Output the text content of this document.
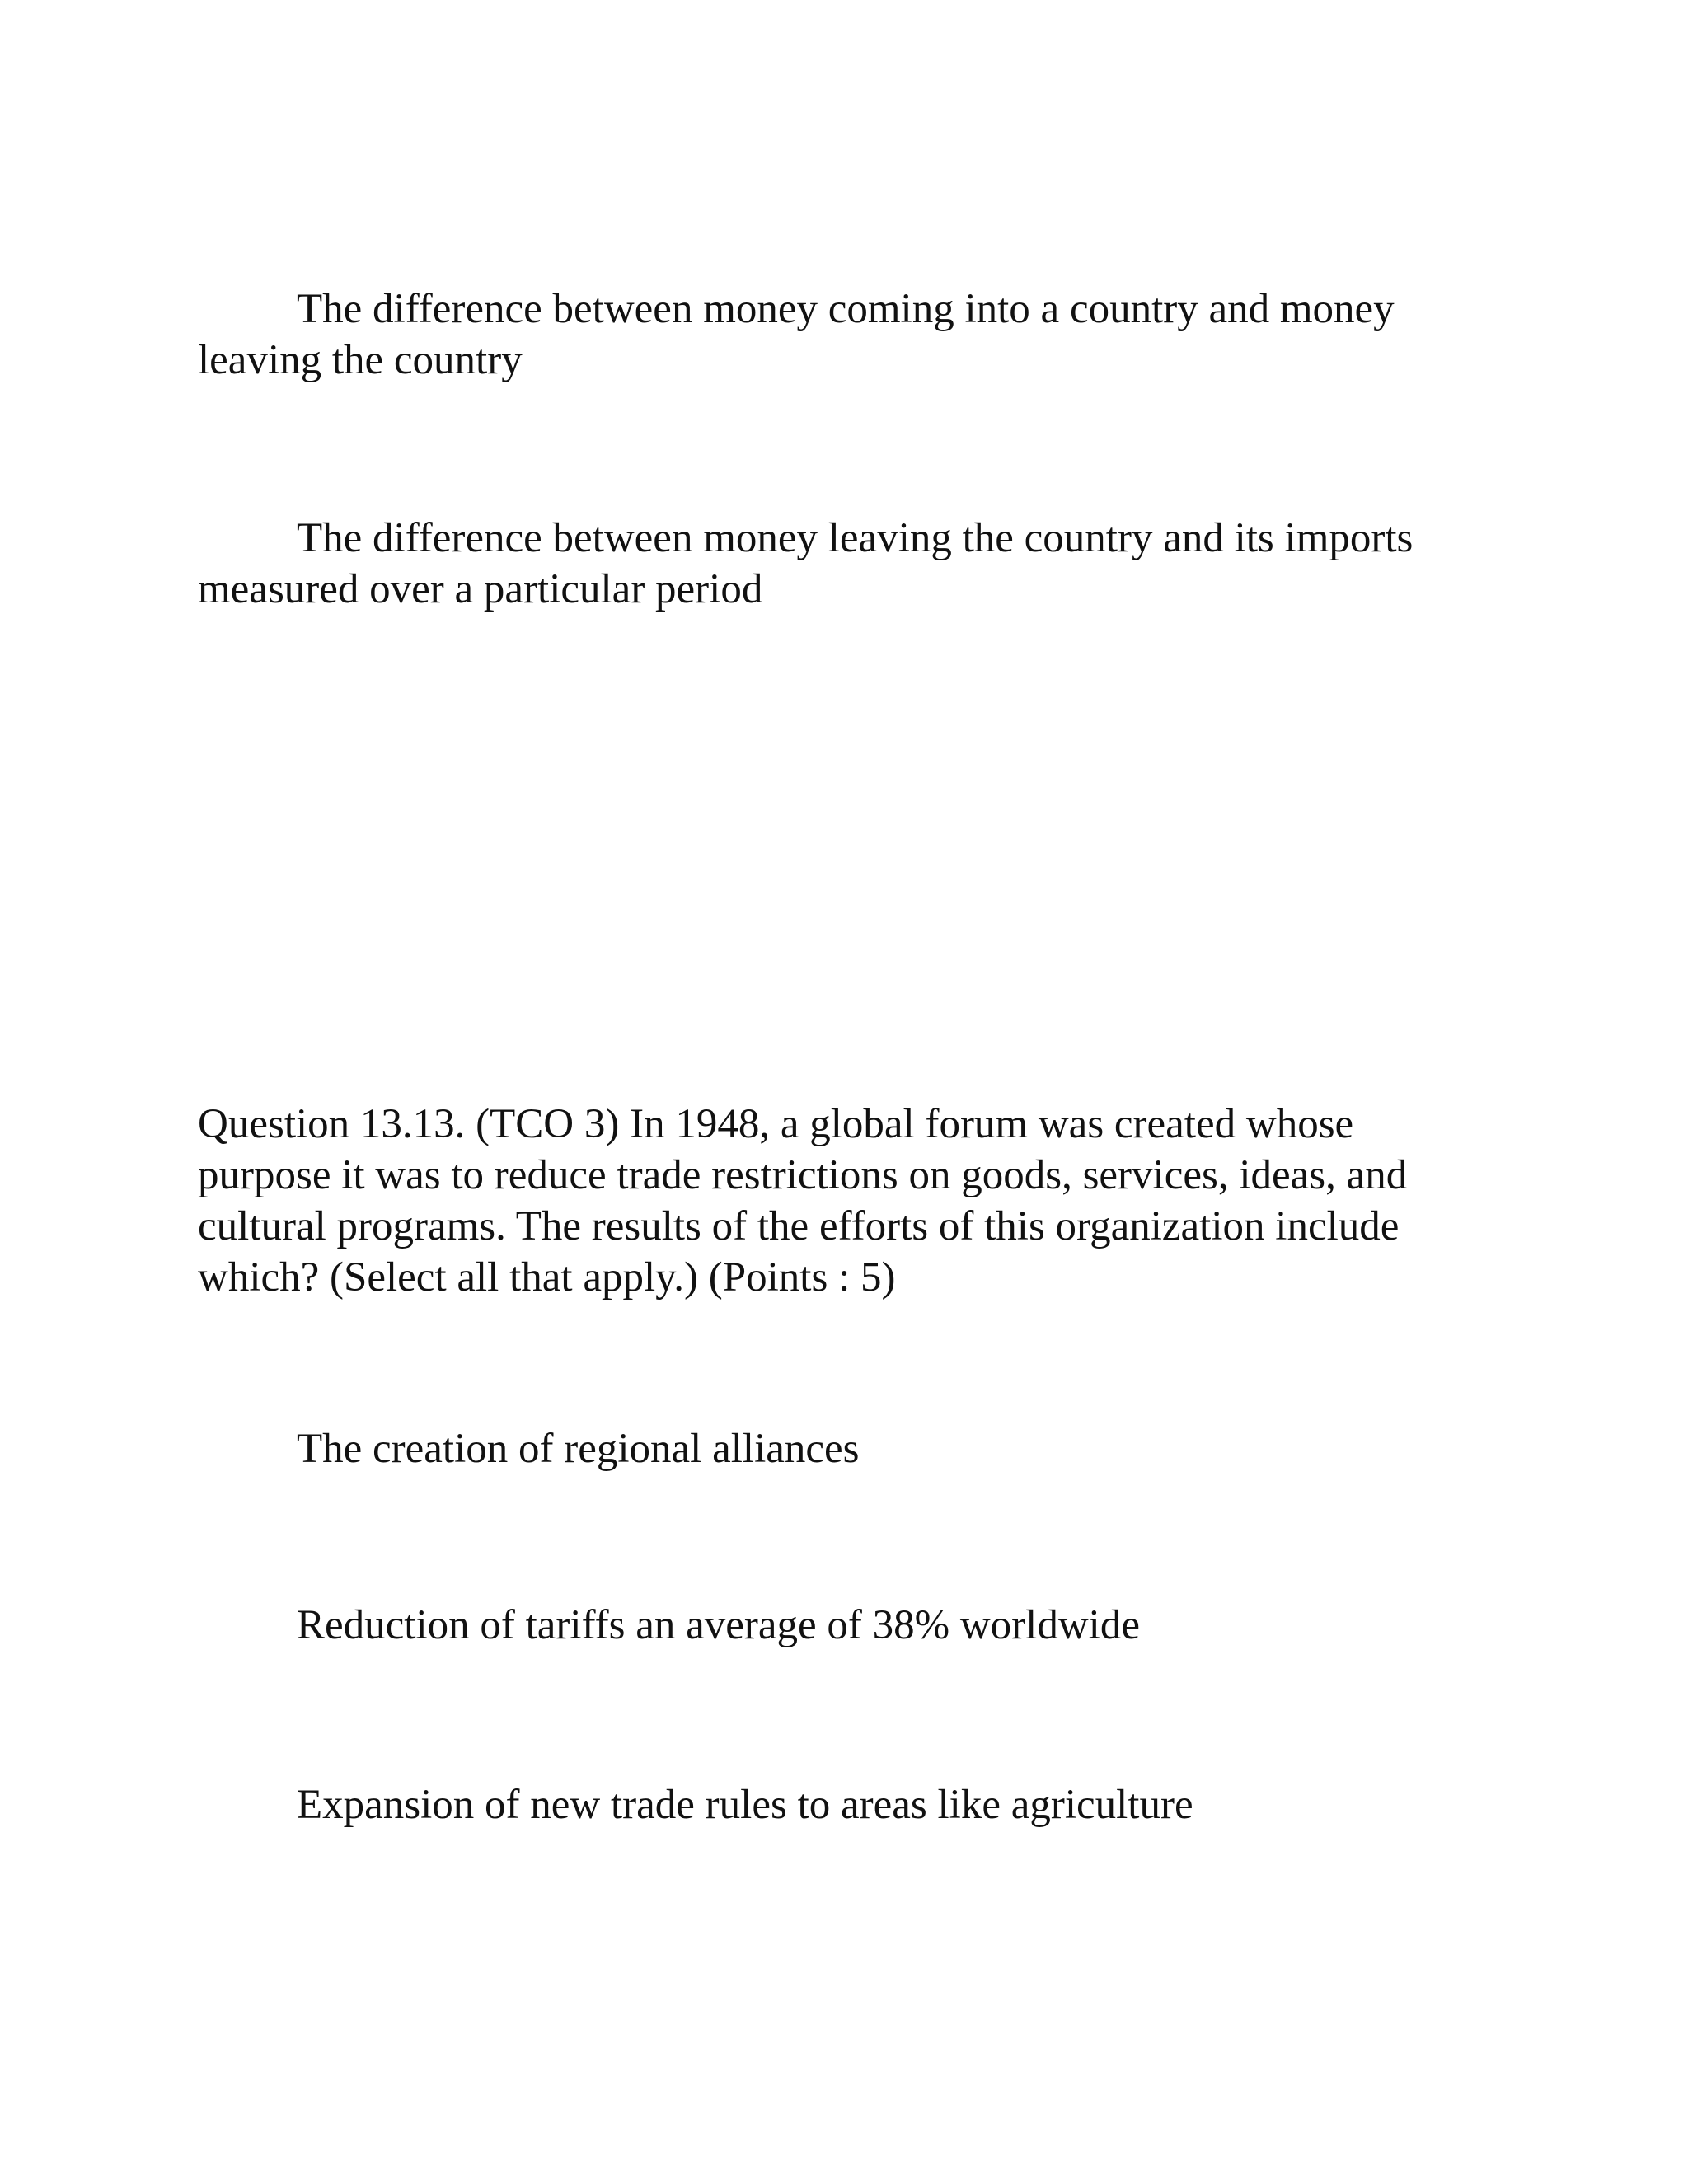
The difference between money coming into a country and money leaving the country

The difference between money leaving the country and its imports measured over a particular period

Question 13.13. (TCO 3) In 1948, a global forum was created whose purpose it was to reduce trade restrictions on goods, services, ideas, and cultural programs. The results of the efforts of this organization include which? (Select all that apply.) (Points : 5)

The creation of regional alliances

Reduction of tariffs an average of 38% worldwide

Expansion of new trade rules to areas like agriculture
